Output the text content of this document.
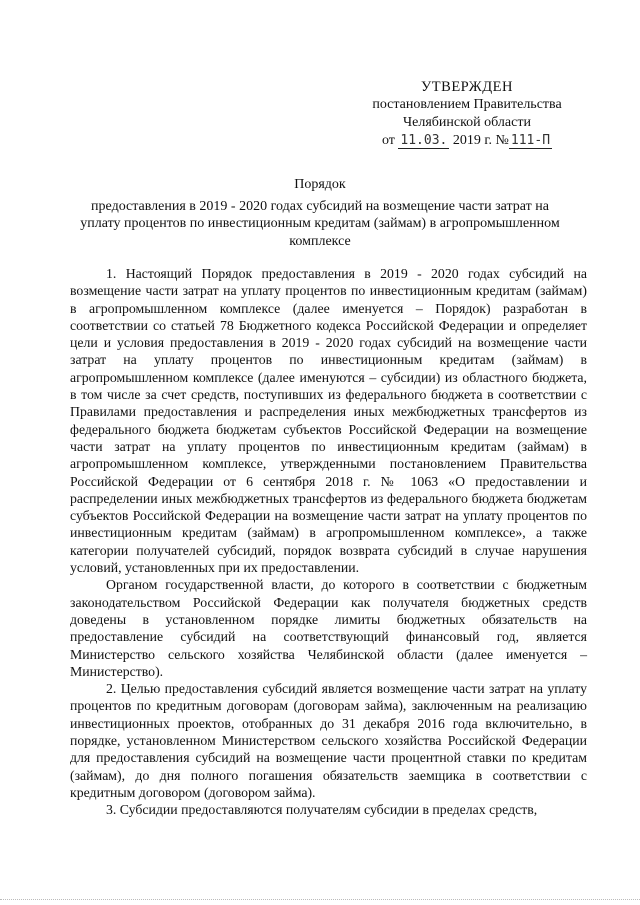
УТВЕРЖДЕН
постановлением Правительства
Челябинской области
от 11.03. 2019 г. № 111-П
Порядок
предоставления в 2019 - 2020 годах субсидий на возмещение части затрат на уплату процентов по инвестиционным кредитам (займам) в агропромышленном комплексе

1. Настоящий Порядок предоставления в 2019 - 2020 годах субсидий на возмещение части затрат на уплату процентов по инвестиционным кредитам (займам) в агропромышленном комплексе (далее именуется – Порядок) разработан в соответствии со статьей 78 Бюджетного кодекса Российской Федерации и определяет цели и условия предоставления в 2019 - 2020 годах субсидий на возмещение части затрат на уплату процентов по инвестиционным кредитам (займам) в агропромышленном комплексе (далее именуются – субсидии) из областного бюджета, в том числе за счет средств, поступивших из федерального бюджета в соответствии с Правилами предоставления и распределения иных межбюджетных трансфертов из федерального бюджета бюджетам субъектов Российской Федерации на возмещение части затрат на уплату процентов по инвестиционным кредитам (займам) в агропромышленном комплексе, утвержденными постановлением Правительства Российской Федерации от 6 сентября 2018 г. № 1063 «О предоставлении и распределении иных межбюджетных трансфертов из федерального бюджета бюджетам субъектов Российской Федерации на возмещение части затрат на уплату процентов по инвестиционным кредитам (займам) в агропромышленном комплексе», а также категории получателей субсидий, порядок возврата субсидий в случае нарушения условий, установленных при их предоставлении.

Органом государственной власти, до которого в соответствии с бюджетным законодательством Российской Федерации как получателя бюджетных средств доведены в установленном порядке лимиты бюджетных обязательств на предоставление субсидий на соответствующий финансовый год, является Министерство сельского хозяйства Челябинской области (далее именуется – Министерство).

2. Целью предоставления субсидий является возмещение части затрат на уплату процентов по кредитным договорам (договорам займа), заключенным на реализацию инвестиционных проектов, отобранных до 31 декабря 2016 года включительно, в порядке, установленном Министерством сельского хозяйства Российской Федерации для предоставления субсидий на возмещение части процентной ставки по кредитам (займам), до дня полного погашения обязательств заемщика в соответствии с кредитным договором (договором займа).

3. Субсидии предоставляются получателям субсидии в пределах средств,
